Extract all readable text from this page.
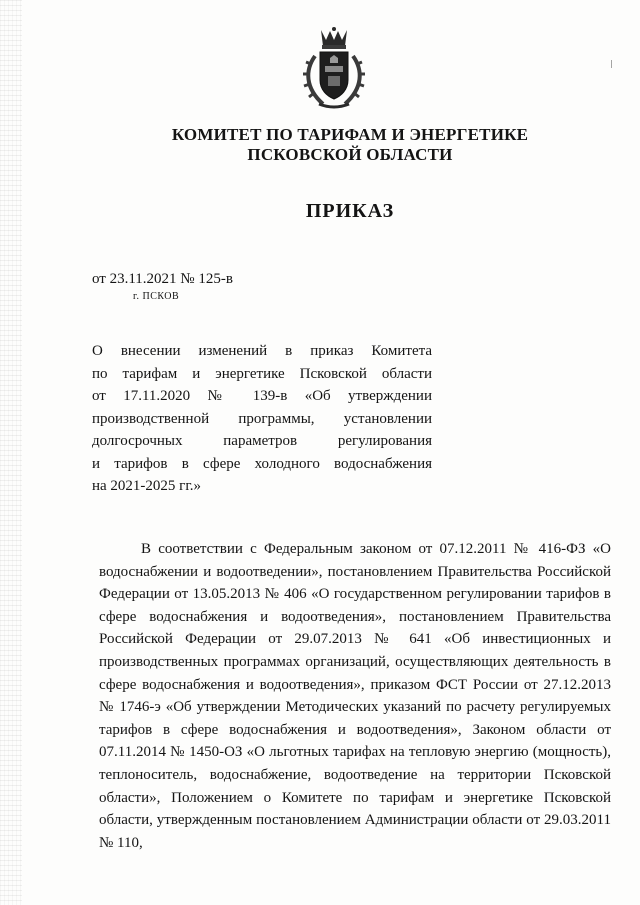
КОМИТЕТ ПО ТАРИФАМ И ЭНЕРГЕТИКЕ
ПСКОВСКОЙ ОБЛАСТИ
ПРИКАЗ
от 23.11.2021 № 125-в
г. ПСКОВ
О внесении изменений в приказ Комитета
по тарифам и энергетике Псковской области
от 17.11.2020 № 139-в «Об утверждении
производственной программы, установлении
долгосрочных параметров регулирования
и тарифов в сфере холодного водоснабжения
на 2021-2025 гг.»

В соответствии с Федеральным законом от 07.12.2011 № 416-ФЗ «О водоснабжении и водоотведении», постановлением Правительства Российской Федерации от 13.05.2013 № 406 «О государственном регулировании тарифов в сфере водоснабжения и водоотведения», постановлением Правительства Российской Федерации от 29.07.2013 № 641 «Об инвестиционных и производственных программах организаций, осуществляющих деятельность в сфере водоснабжения и водоотведения», приказом ФСТ России от 27.12.2013 № 1746-э «Об утверждении Методических указаний по расчету регулируемых тарифов в сфере водоснабжения и водоотведения», Законом области от 07.11.2014 № 1450-ОЗ «О льготных тарифах на тепловую энергию (мощность), теплоноситель, водоснабжение, водоотведение на территории Псковской области», Положением о Комитете по тарифам и энергетике Псковской области, утвержденным постановлением Администрации области от 29.03.2011 № 110,
